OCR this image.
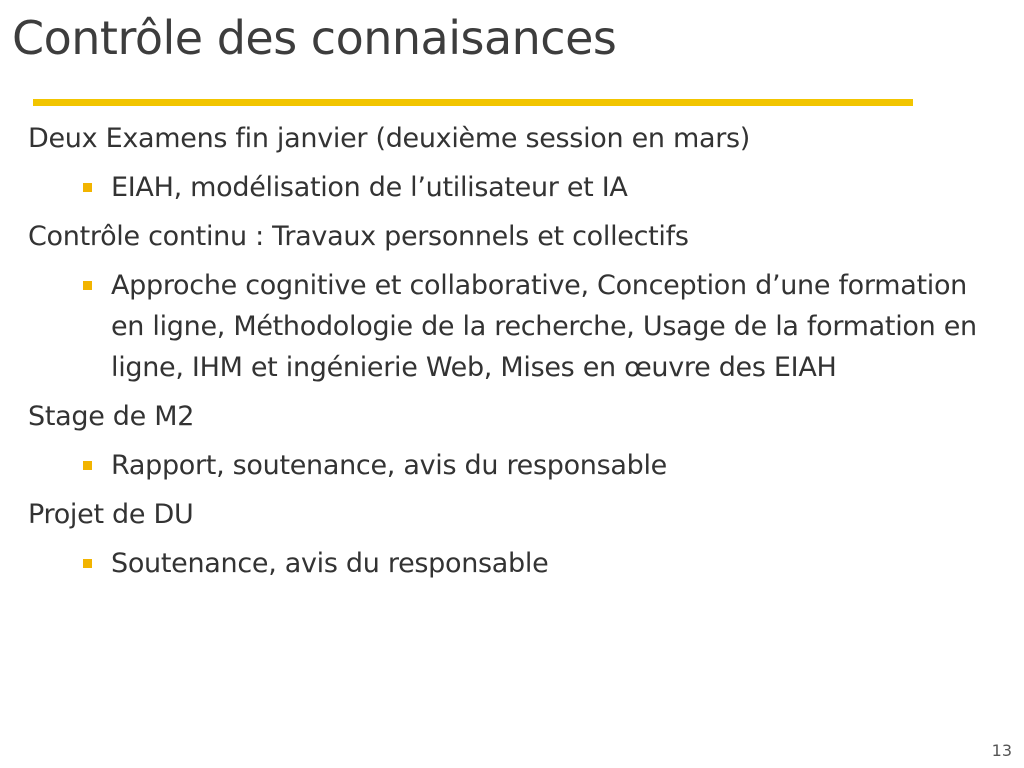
Contrôle des connaisances

Deux Examens fin janvier (deuxième session en mars)

EIAH, modélisation de l’utilisateur et IA

Contrôle continu : Travaux personnels et collectifs

Approche cognitive et collaborative, Conception d’une formation en ligne, Méthodologie de la recherche, Usage de la formation en ligne, IHM et ingénierie Web, Mises en œuvre des EIAH

Stage de M2

Rapport, soutenance, avis du responsable

Projet de DU

Soutenance, avis du responsable
13
